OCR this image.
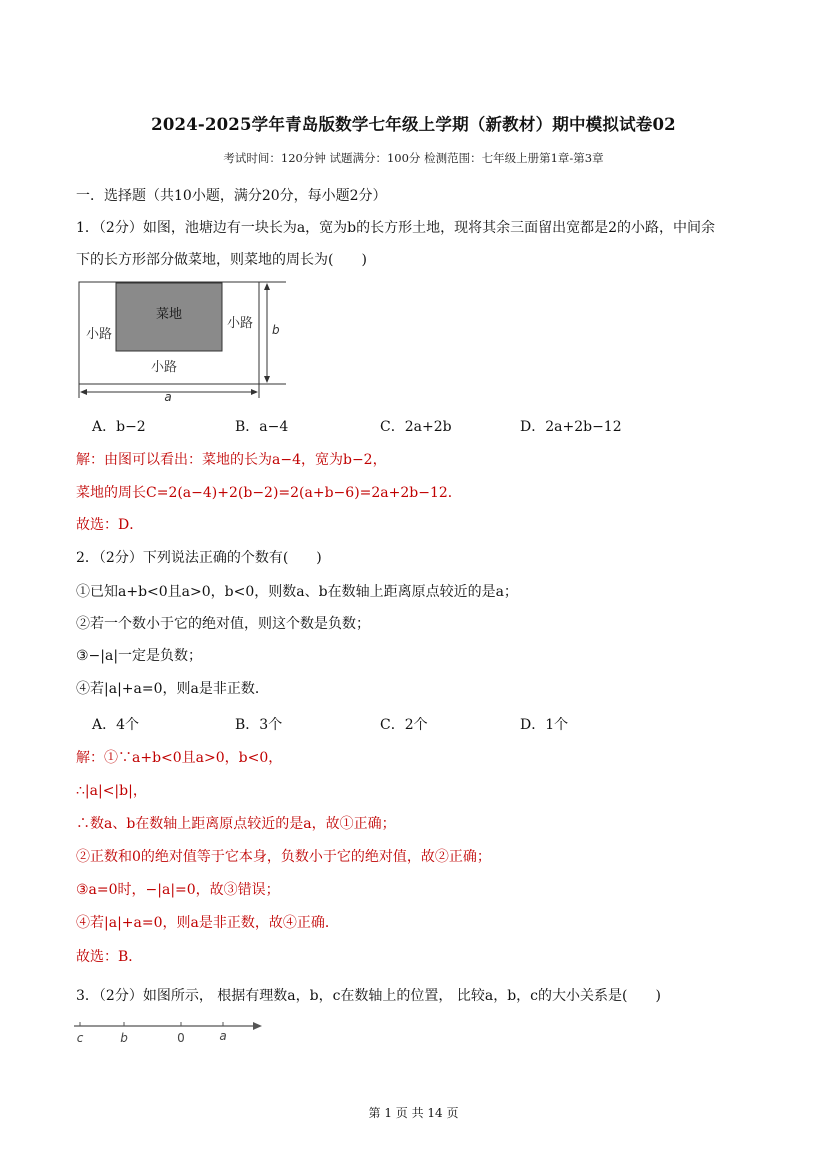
2024-2025学年青岛版数学七年级上学期（新教材）期中模拟试卷02
考试时间：120分钟 试题满分：100分 检测范围：七年级上册第1章-第3章
一．选择题（共10小题，满分20分，每小题2分）
1．（2分）如图，池塘边有一块长为a，宽为b的长方形土地，现将其余三面留出宽都是2的小路，中间余
下的长方形部分做菜地，则菜地的周长为(　　)
菜地
小路
小路
小路
b
a
A．b−2	B．a−4	C．2a+2b	D．2a+2b−12
解：由图可以看出：菜地的长为a−4，宽为b−2，
菜地的周长C=2(a−4)+2(b−2)=2(a+b−6)=2a+2b−12．
故选：D．
2．（2分）下列说法正确的个数有(　　)
①已知a+b<0且a>0，b<0，则数a、b在数轴上距离原点较近的是a；
②若一个数小于它的绝对值，则这个数是负数；
③−|a|一定是负数；
④若|a|+a=0，则a是非正数．
A．4个	B．3个	C．2个	D．1个
解：①∵a+b<0且a>0，b<0，
∴|a|<|b|，
∴数a、b在数轴上距离原点较近的是a，故①正确；
②正数和0的绝对值等于它本身，负数小于它的绝对值，故②正确；
③a=0时，−|a|=0，故③错误；
④若|a|+a=0，则a是非正数，故④正确．
故选：B．
3．（2分）如图所示， 根据有理数a，b，c在数轴上的位置， 比较a，b，c的大小关系是(　　)
c	b	0	a
第 1 页 共 14 页
